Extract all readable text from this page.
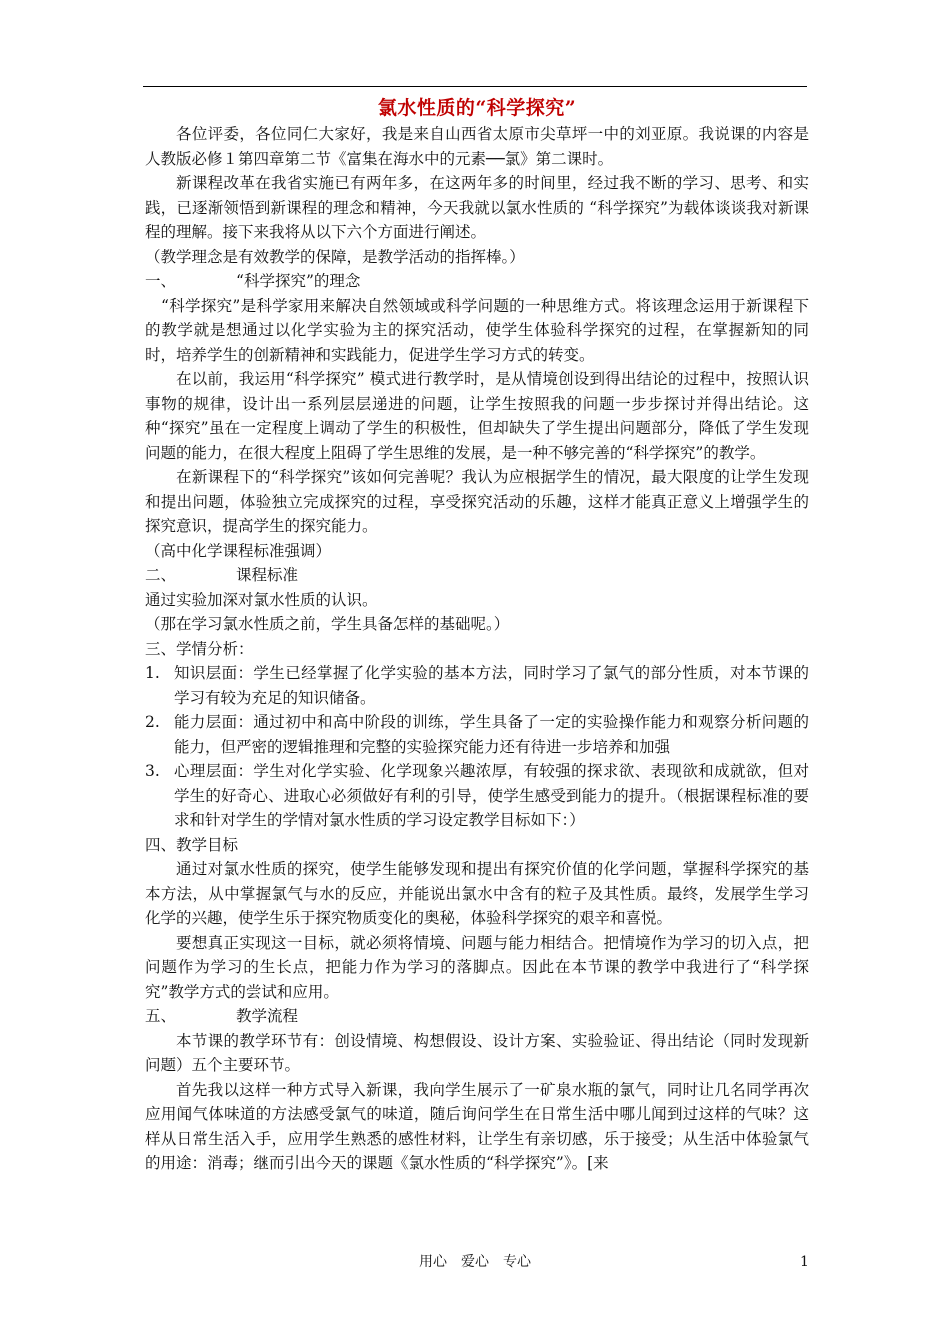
氯水性质的“科学探究”

各位评委，各位同仁大家好，我是来自山西省太原市尖草坪一中的刘亚原。我说课的内容是人教版必修１第四章第二节《富集在海水中的元素──氯》第二课时。

新课程改革在我省实施已有两年多，在这两年多的时间里，经过我不断的学习、思考、和实践，已逐渐领悟到新课程的理念和精神，今天我就以氯水性质的 “科学探究”为载体谈谈我对新课程的理解。接下来我将从以下六个方面进行阐述。

（教学理念是有效教学的保障，是教学活动的指挥棒。）

一、	“科学探究”的理念

“科学探究”是科学家用来解决自然领域或科学问题的一种思维方式。将该理念运用于新课程下的教学就是想通过以化学实验为主的探究活动，使学生体验科学探究的过程，在掌握新知的同时，培养学生的创新精神和实践能力，促进学生学习方式的转变。

在以前，我运用“科学探究” 模式进行教学时，是从情境创设到得出结论的过程中，按照认识事物的规律，设计出一系列层层递进的问题，让学生按照我的问题一步步探讨并得出结论。这种“探究”虽在一定程度上调动了学生的积极性，但却缺失了学生提出问题部分，降低了学生发现问题的能力，在很大程度上阻碍了学生思维的发展，是一种不够完善的“科学探究”的教学。

在新课程下的“科学探究”该如何完善呢？我认为应根据学生的情况，最大限度的让学生发现和提出问题，体验独立完成探究的过程，享受探究活动的乐趣，这样才能真正意义上增强学生的探究意识，提高学生的探究能力。

（高中化学课程标准强调）

二、	课程标准

通过实验加深对氯水性质的认识。

（那在学习氯水性质之前，学生具备怎样的基础呢。）

三、学情分析：

1. 知识层面：学生已经掌握了化学实验的基本方法，同时学习了氯气的部分性质，对本节课的学习有较为充足的知识储备。
2. 能力层面：通过初中和高中阶段的训练，学生具备了一定的实验操作能力和观察分析问题的能力，但严密的逻辑推理和完整的实验探究能力还有待进一步培养和加强
3. 心理层面：学生对化学实验、化学现象兴趣浓厚，有较强的探求欲、表现欲和成就欲，但对学生的好奇心、进取心必须做好有利的引导，使学生感受到能力的提升。（根据课程标准的要求和针对学生的学情对氯水性质的学习设定教学目标如下：）

四、教学目标

通过对氯水性质的探究，使学生能够发现和提出有探究价值的化学问题，掌握科学探究的基本方法，从中掌握氯气与水的反应，并能说出氯水中含有的粒子及其性质。最终，发展学生学习化学的兴趣，使学生乐于探究物质变化的奥秘，体验科学探究的艰辛和喜悦。

要想真正实现这一目标，就必须将情境、问题与能力相结合。把情境作为学习的切入点，把问题作为学习的生长点，把能力作为学习的落脚点。因此在本节课的教学中我进行了“科学探究”教学方式的尝试和应用。

五、	教学流程

本节课的教学环节有：创设情境、构想假设、设计方案、实验验证、得出结论（同时发现新问题）五个主要环节。

首先我以这样一种方式导入新课，我向学生展示了一矿泉水瓶的氯气，同时让几名同学再次应用闻气体味道的方法感受氯气的味道，随后询问学生在日常生活中哪儿闻到过这样的气味？这样从日常生活入手，应用学生熟悉的感性材料，让学生有亲切感，乐于接受；从生活中体验氯气的用途：消毒；继而引出今天的课题《氯水性质的“科学探究”》。[来

用心　爱心　专心	1
